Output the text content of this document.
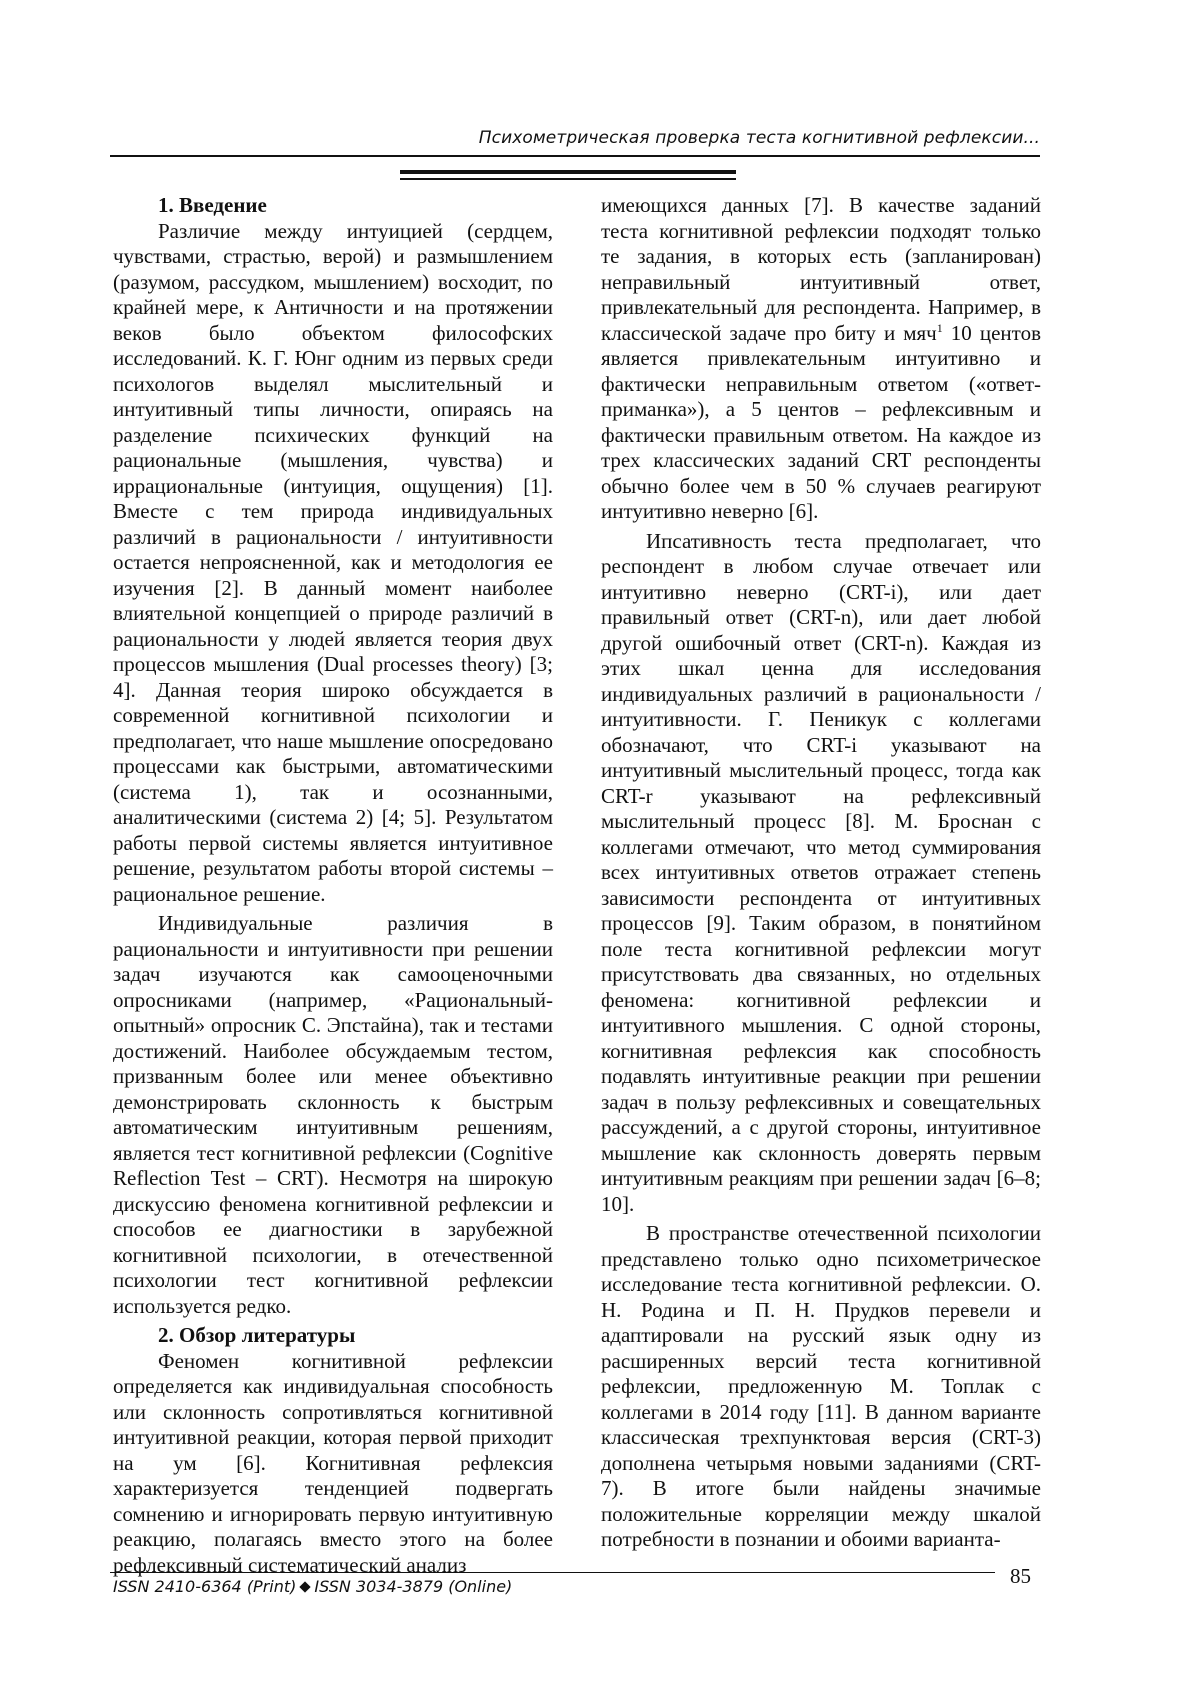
Психометрическая проверка теста когнитивной рефлексии...
1. Введение

Различие между интуицией (сердцем, чувствами, страстью, верой) и размышлением (разумом, рассудком, мышлением) восходит, по крайней мере, к Античности и на протяжении веков было объектом философских исследований. К. Г. Юнг одним из первых среди психологов выделял мыслительный и интуитивный типы личности, опираясь на разделение психических функций на рациональные (мышления, чувства) и иррациональные (интуиция, ощущения) [1]. Вместе с тем природа индивидуальных различий в рациональности / интуитивности остается непроясненной, как и методология ее изучения [2]. В данный момент наиболее влиятельной концепцией о природе различий в рациональности у людей является теория двух процессов мышления (Dual processes theory) [3; 4]. Данная теория широко обсуждается в современной когнитивной психологии и предполагает, что наше мышление опосредовано процессами как быстрыми, автоматическими (система 1), так и осознанными, аналитическими (система 2) [4; 5]. Результатом работы первой системы является интуитивное решение, результатом работы второй системы – рациональное решение.

Индивидуальные различия в рациональности и интуитивности при решении задач изучаются как самооценочными опросниками (например, «Рациональный-опытный» опросник С. Эпстайна), так и тестами достижений. Наиболее обсуждаемым тестом, призванным более или менее объективно демонстрировать склонность к быстрым автоматическим интуитивным решениям, является тест когнитивной рефлексии (Cognitive Reflection Test – CRT). Несмотря на широкую дискуссию феномена когнитивной рефлексии и способов ее диагностики в зарубежной когнитивной психологии, в отечественной психологии тест когнитивной рефлексии используется редко.

2. Обзор литературы

Феномен когнитивной рефлексии определяется как индивидуальная способность или склонность сопротивляться когнитивной интуитивной реакции, которая первой приходит на ум [6]. Когнитивная рефлексия характеризуется тенденцией подвергать сомнению и игнорировать первую интуитивную реакцию, полагаясь вместо этого на более рефлексивный систематический анализ

имеющихся данных [7]. В качестве заданий теста когнитивной рефлексии подходят только те задания, в которых есть (запланирован) неправильный интуитивный ответ, привлекательный для респондента. Например, в классической задаче про биту и мяч$^1$ 10 центов является привлекательным интуитивно и фактически неправильным ответом («ответ-приманка»), а 5 центов – рефлексивным и фактически правильным ответом. На каждое из трех классических заданий CRT респонденты обычно более чем в 50 % случаев реагируют интуитивно неверно [6].

Ипсативность теста предполагает, что респондент в любом случае отвечает или интуитивно неверно (CRT-i), или дает правильный ответ (CRT-n), или дает любой другой ошибочный ответ (CRT-n). Каждая из этих шкал ценна для исследования индивидуальных различий в рациональности / интуитивности. Г. Пеникук с коллегами обозначают, что CRT-i указывают на интуитивный мыслительный процесс, тогда как CRT-r указывают на рефлексивный мыслительный процесс [8]. М. Броснан с коллегами отмечают, что метод суммирования всех интуитивных ответов отражает степень зависимости респондента от интуитивных процессов [9]. Таким образом, в понятийном поле теста когнитивной рефлексии могут присутствовать два связанных, но отдельных феномена: когнитивной рефлексии и интуитивного мышления. С одной стороны, когнитивная рефлексия как способность подавлять интуитивные реакции при решении задач в пользу рефлексивных и совещательных рассуждений, а с другой стороны, интуитивное мышление как склонность доверять первым интуитивным реакциям при решении задач [6–8; 10].

В пространстве отечественной психологии представлено только одно психометрическое исследование теста когнитивной рефлексии. О. Н. Родина и П. Н. Прудков перевели и адаптировали на русский язык одну из расширенных версий теста когнитивной рефлексии, предложенную М. Топлак с коллегами в 2014 году [11]. В данном варианте классическая трехпунктовая версия (CRT-3) дополнена четырьмя новыми заданиями (CRT-7). В итоге были найдены значимые положительные корреляции между шкалой потребности в познании и обоими варианта-

ISSN 2410-6364 (Print) ISSN 3034-3879 (Online)	85
